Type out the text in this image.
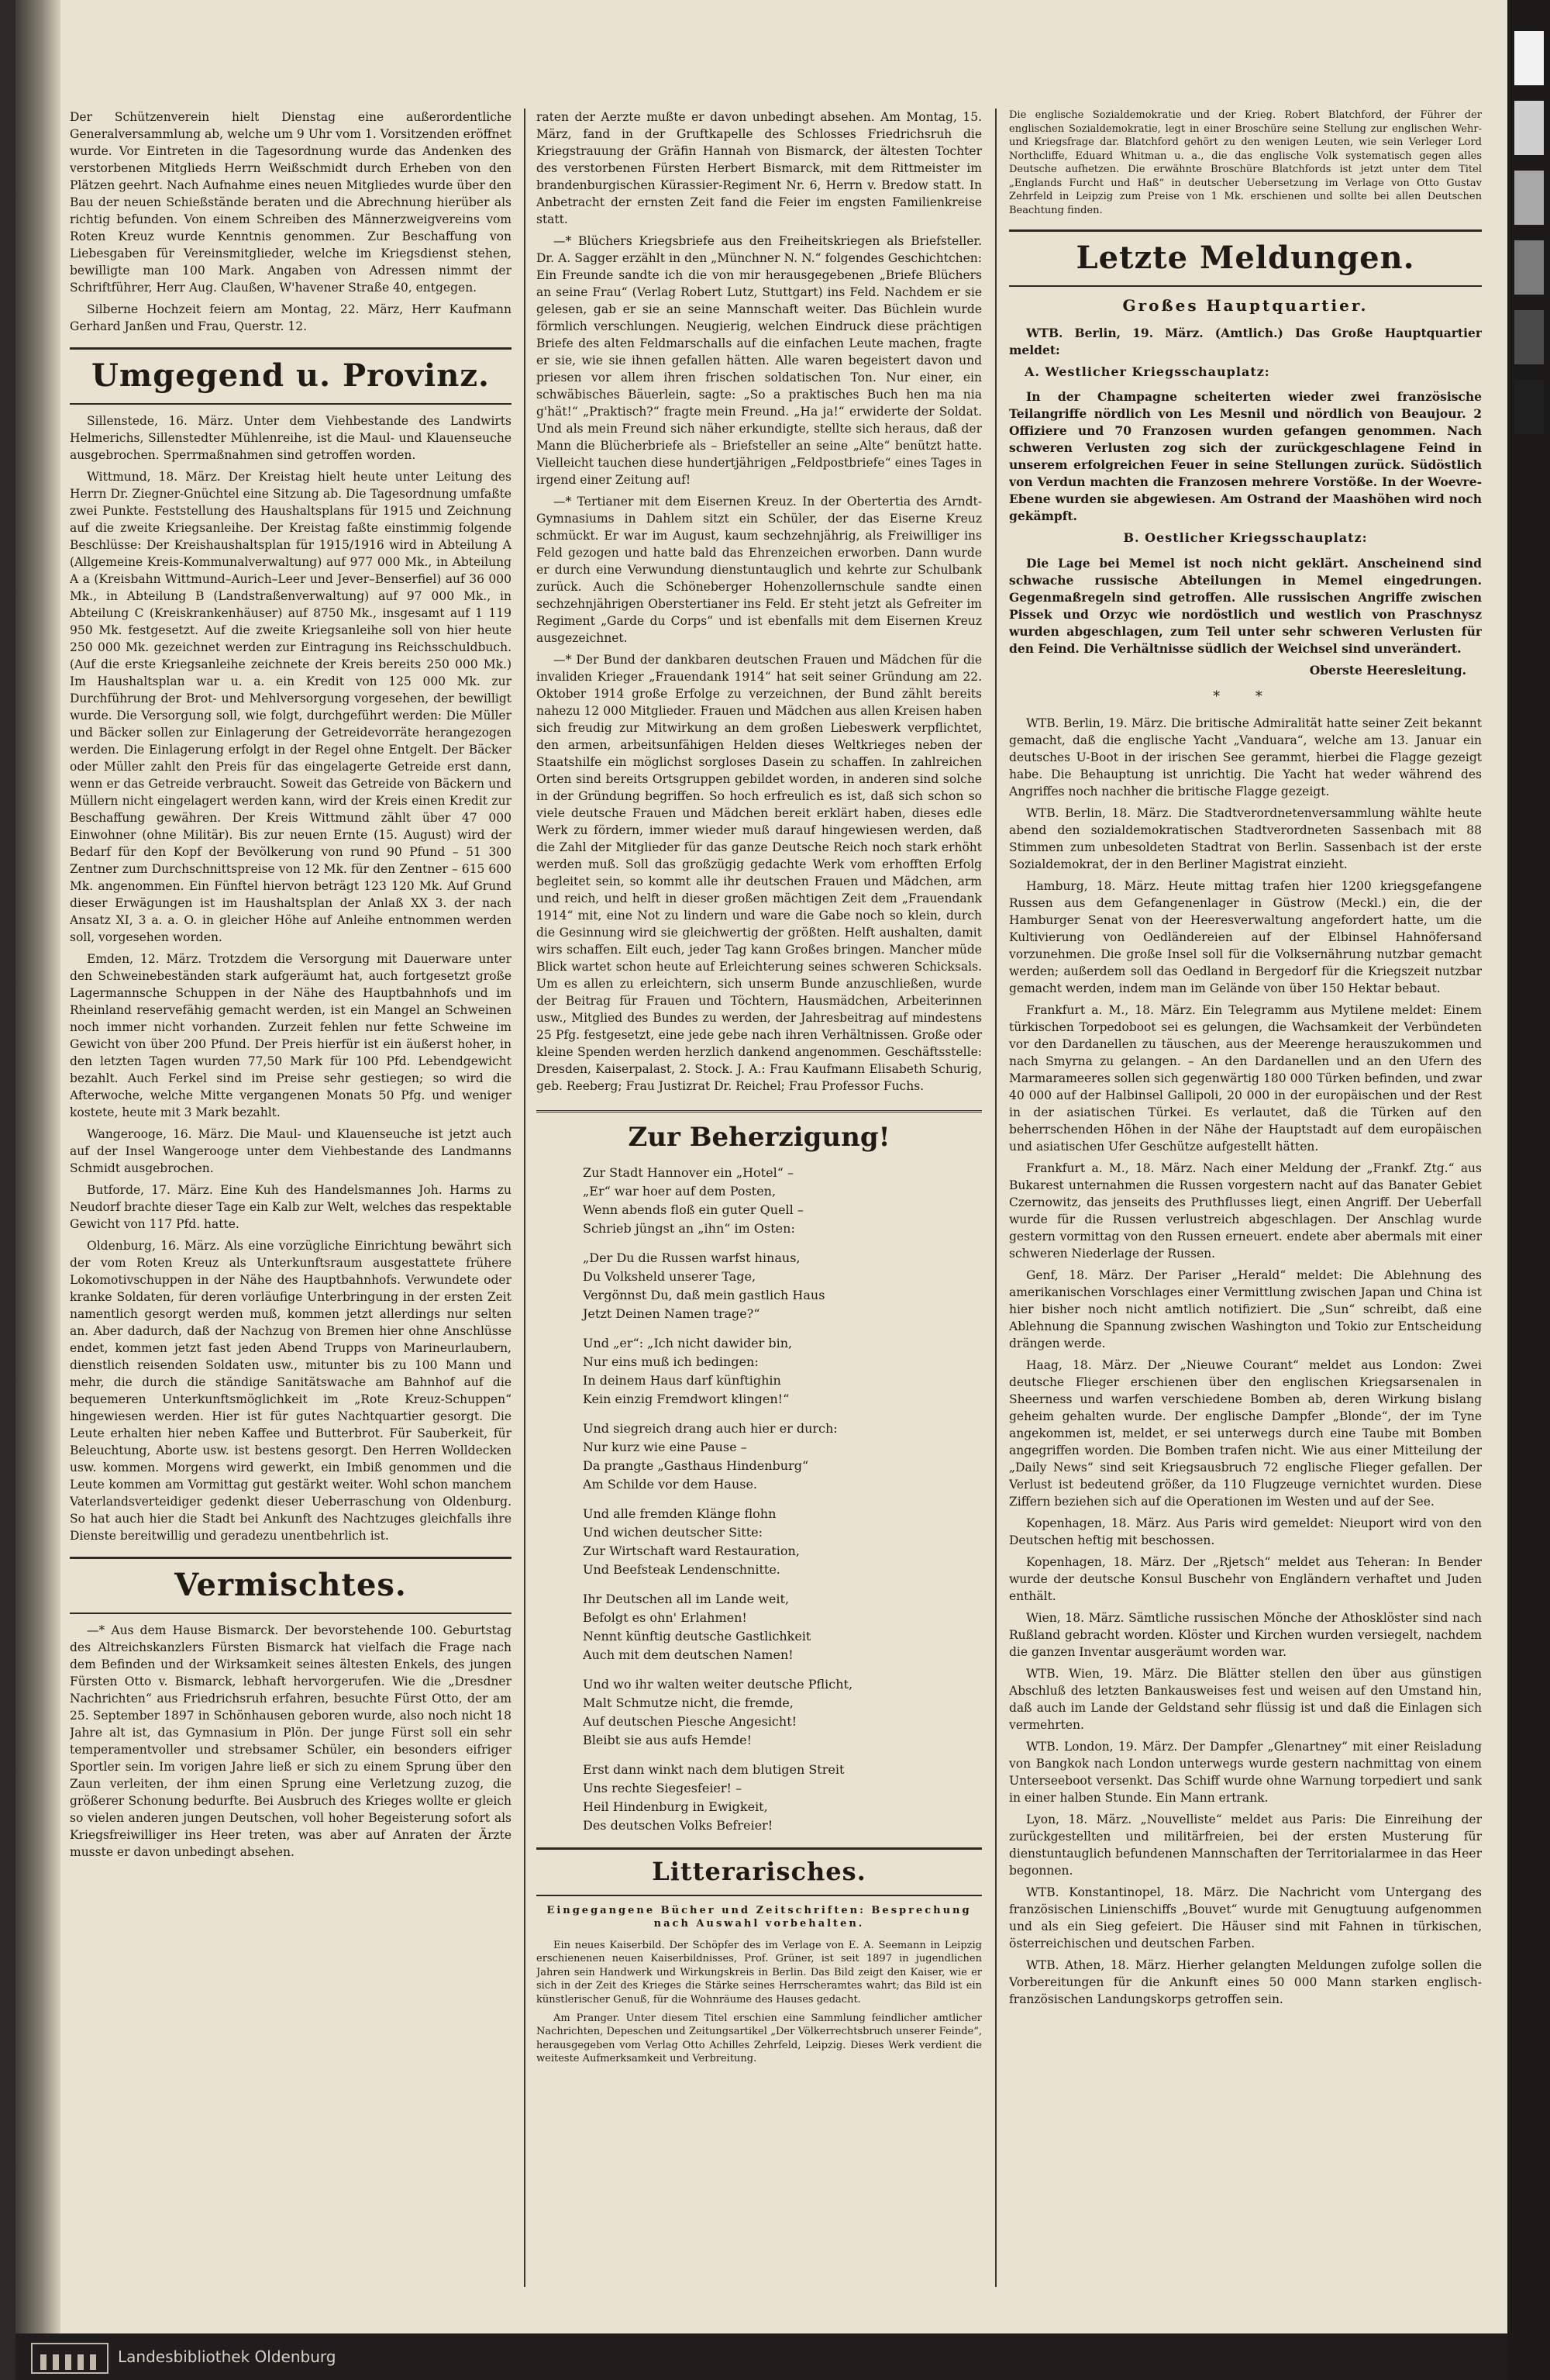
Der Schützenverein hielt Dienstag eine außerordentliche Generalversammlung ab, welche um 9 Uhr vom 1. Vorsitzenden eröffnet wurde. Vor Eintreten in die Tagesordnung wurde das Andenken des verstorbenen Mitglieds Herrn Weißschmidt durch Erheben von den Plätzen geehrt. Nach Aufnahme eines neuen Mitgliedes wurde über den Bau der neuen Schießstände beraten und die Abrechnung hierüber als richtig befunden. Von einem Schreiben des Männerzweigvereins vom Roten Kreuz wurde Kenntnis genommen. Zur Beschaffung von Liebesgaben für Vereinsmitglieder, welche im Kriegsdienst stehen, bewilligte man 100 Mark. Angaben von Adressen nimmt der Schriftführer, Herr Aug. Claußen, W'havener Straße 40, entgegen.

Silberne Hochzeit feiern am Montag, 22. März, Herr Kaufmann Gerhard Janßen und Frau, Querstr. 12.

Umgegend u. Provinz.

Sillenstede, 16. März. Unter dem Viehbestande des Landwirts Helmerichs, Sillenstedter Mühlenreihe, ist die Maul- und Klauenseuche ausgebrochen. Sperrmaßnahmen sind getroffen worden.

Wittmund, 18. März. Der Kreistag hielt heute unter Leitung des Herrn Dr. Ziegner-Gnüchtel eine Sitzung ab. Die Tagesordnung umfaßte zwei Punkte. Feststellung des Haushaltsplans für 1915 und Zeichnung auf die zweite Kriegsanleihe. Der Kreistag faßte einstimmig folgende Beschlüsse: Der Kreishaushaltsplan für 1915/1916 wird in Abteilung A (Allgemeine Kreis-Kommunalverwaltung) auf 977 000 Mk., in Abteilung A a (Kreisbahn Wittmund–Aurich–Leer und Jever–Benserfiel) auf 36 000 Mk., in Abteilung B (Landstraßenverwaltung) auf 97 000 Mk., in Abteilung C (Kreiskrankenhäuser) auf 8750 Mk., insgesamt auf 1 119 950 Mk. festgesetzt. Auf die zweite Kriegsanleihe soll von hier heute 250 000 Mk. gezeichnet werden zur Eintragung ins Reichsschuldbuch. (Auf die erste Kriegsanleihe zeichnete der Kreis bereits 250 000 Mk.) Im Haushaltsplan war u. a. ein Kredit von 125 000 Mk. zur Durchführung der Brot- und Mehlversorgung vorgesehen, der bewilligt wurde. Die Versorgung soll, wie folgt, durchgeführt werden: Die Müller und Bäcker sollen zur Einlagerung der Getreidevorräte herangezogen werden. Die Einlagerung erfolgt in der Regel ohne Entgelt. Der Bäcker oder Müller zahlt den Preis für das eingelagerte Getreide erst dann, wenn er das Getreide verbraucht. Soweit das Getreide von Bäckern und Müllern nicht eingelagert werden kann, wird der Kreis einen Kredit zur Beschaffung gewähren. Der Kreis Wittmund zählt über 47 000 Einwohner (ohne Militär). Bis zur neuen Ernte (15. August) wird der Bedarf für den Kopf der Bevölkerung von rund 90 Pfund – 51 300 Zentner zum Durchschnittspreise von 12 Mk. für den Zentner – 615 600 Mk. angenommen. Ein Fünftel hiervon beträgt 123 120 Mk. Auf Grund dieser Erwägungen ist im Haushaltsplan der Anlaß XX 3. der nach Ansatz XI, 3 a. a. O. in gleicher Höhe auf Anleihe entnommen werden soll, vorgesehen worden.

Emden, 12. März. Trotzdem die Versorgung mit Dauerware unter den Schweinebeständen stark aufgeräumt hat, auch fortgesetzt große Lagermannsche Schuppen in der Nähe des Hauptbahnhofs und im Rheinland reservefähig gemacht werden, ist ein Mangel an Schweinen noch immer nicht vorhanden. Zurzeit fehlen nur fette Schweine im Gewicht von über 200 Pfund. Der Preis hierfür ist ein äußerst hoher, in den letzten Tagen wurden 77,50 Mark für 100 Pfd. Lebendgewicht bezahlt. Auch Ferkel sind im Preise sehr gestiegen; so wird die Afterwoche, welche Mitte vergangenen Monats 50 Pfg. und weniger kostete, heute mit 3 Mark bezahlt.

Wangerooge, 16. März. Die Maul- und Klauenseuche ist jetzt auch auf der Insel Wangerooge unter dem Viehbestande des Landmanns Schmidt ausgebrochen.

Butforde, 17. März. Eine Kuh des Handelsmannes Joh. Harms zu Neudorf brachte dieser Tage ein Kalb zur Welt, welches das respektable Gewicht von 117 Pfd. hatte.

Oldenburg, 16. März. Als eine vorzügliche Einrichtung bewährt sich der vom Roten Kreuz als Unterkunftsraum ausgestattete frühere Lokomotivschuppen in der Nähe des Hauptbahnhofs. Verwundete oder kranke Soldaten, für deren vorläufige Unterbringung in der ersten Zeit namentlich gesorgt werden muß, kommen jetzt allerdings nur selten an. Aber dadurch, daß der Nachzug von Bremen hier ohne Anschlüsse endet, kommen jetzt fast jeden Abend Trupps von Marineurlaubern, dienstlich reisenden Soldaten usw., mitunter bis zu 100 Mann und mehr, die durch die ständige Sanitätswache am Bahnhof auf die bequemeren Unterkunftsmöglichkeit im „Rote Kreuz-Schuppen“ hingewiesen werden. Hier ist für gutes Nachtquartier gesorgt. Die Leute erhalten hier neben Kaffee und Butterbrot. Für Sauberkeit, für Beleuchtung, Aborte usw. ist bestens gesorgt. Den Herren Wolldecken usw. kommen. Morgens wird gewerkt, ein Imbiß genommen und die Leute kommen am Vormittag gut gestärkt weiter. Wohl schon manchem Vaterlandsverteidiger gedenkt dieser Ueberraschung von Oldenburg. So hat auch hier die Stadt bei Ankunft des Nachtzuges gleichfalls ihre Dienste bereitwillig und geradezu unentbehrlich ist.

Vermischtes.

—* Aus dem Hause Bismarck. Der bevorstehende 100. Geburtstag des Altreichskanzlers Fürsten Bismarck hat vielfach die Frage nach dem Befinden und der Wirksamkeit seines ältesten Enkels, des jungen Fürsten Otto v. Bismarck, lebhaft hervorgerufen. Wie die „Dresdner Nachrichten“ aus Friedrichsruh erfahren, besuchte Fürst Otto, der am 25. September 1897 in Schönhausen geboren wurde, also noch nicht 18 Jahre alt ist, das Gymnasium in Plön. Der junge Fürst soll ein sehr temperamentvoller und strebsamer Schüler, ein besonders eifriger Sportler sein. Im vorigen Jahre ließ er sich zu einem Sprung über den Zaun verleiten, der ihm einen Sprung eine Verletzung zuzog, die größerer Schonung bedurfte. Bei Ausbruch des Krieges wollte er gleich so vielen anderen jungen Deutschen, voll hoher Begeisterung sofort als Kriegsfreiwilliger ins Heer treten, was aber auf Anraten der Ärzte musste er davon unbedingt absehen.

raten der Aerzte mußte er davon unbedingt absehen. Am Montag, 15. März, fand in der Gruftkapelle des Schlosses Friedrichsruh die Kriegstrauung der Gräfin Hannah von Bismarck, der ältesten Tochter des verstorbenen Fürsten Herbert Bismarck, mit dem Rittmeister im brandenburgischen Kürassier-Regiment Nr. 6, Herrn v. Bredow statt. In Anbetracht der ernsten Zeit fand die Feier im engsten Familienkreise statt.

—* Blüchers Kriegsbriefe aus den Freiheitskriegen als Briefsteller. Dr. A. Sagger erzählt in den „Münchner N. N.“ folgendes Geschichtchen: Ein Freunde sandte ich die von mir herausgegebenen „Briefe Blüchers an seine Frau“ (Verlag Robert Lutz, Stuttgart) ins Feld. Nachdem er sie gelesen, gab er sie an seine Mannschaft weiter. Das Büchlein wurde förmlich verschlungen. Neugierig, welchen Eindruck diese prächtigen Briefe des alten Feldmarschalls auf die einfachen Leute machen, fragte er sie, wie sie ihnen gefallen hätten. Alle waren begeistert davon und priesen vor allem ihren frischen soldatischen Ton. Nur einer, ein schwäbisches Bäuerlein, sagte: „So a praktisches Buch hen ma nia g'hät!“ „Praktisch?“ fragte mein Freund. „Ha ja!“ erwiderte der Soldat. Und als mein Freund sich näher erkundigte, stellte sich heraus, daß der Mann die Blücherbriefe als – Briefsteller an seine „Alte“ benützt hatte. Vielleicht tauchen diese hundertjährigen „Feldpostbriefe“ eines Tages in irgend einer Zeitung auf!

—* Tertianer mit dem Eisernen Kreuz. In der Obertertia des Arndt-Gymnasiums in Dahlem sitzt ein Schüler, der das Eiserne Kreuz schmückt. Er war im August, kaum sechzehnjährig, als Freiwilliger ins Feld gezogen und hatte bald das Ehrenzeichen erworben. Dann wurde er durch eine Verwundung dienstuntauglich und kehrte zur Schulbank zurück. Auch die Schöneberger Hohenzollernschule sandte einen sechzehnjährigen Oberstertianer ins Feld. Er steht jetzt als Gefreiter im Regiment „Garde du Corps“ und ist ebenfalls mit dem Eisernen Kreuz ausgezeichnet.

—* Der Bund der dankbaren deutschen Frauen und Mädchen für die invaliden Krieger „Frauendank 1914“ hat seit seiner Gründung am 22. Oktober 1914 große Erfolge zu verzeichnen, der Bund zählt bereits nahezu 12 000 Mitglieder. Frauen und Mädchen aus allen Kreisen haben sich freudig zur Mitwirkung an dem großen Liebeswerk verpflichtet, den armen, arbeitsunfähigen Helden dieses Weltkrieges neben der Staatshilfe ein möglichst sorgloses Dasein zu schaffen. In zahlreichen Orten sind bereits Ortsgruppen gebildet worden, in anderen sind solche in der Gründung begriffen. So hoch erfreulich es ist, daß sich schon so viele deutsche Frauen und Mädchen bereit erklärt haben, dieses edle Werk zu fördern, immer wieder muß darauf hingewiesen werden, daß die Zahl der Mitglieder für das ganze Deutsche Reich noch stark erhöht werden muß. Soll das großzügig gedachte Werk vom erhofften Erfolg begleitet sein, so kommt alle ihr deutschen Frauen und Mädchen, arm und reich, und helft in dieser großen mächtigen Zeit dem „Frauendank 1914“ mit, eine Not zu lindern und ware die Gabe noch so klein, durch die Gesinnung wird sie gleichwertig der größten. Helft aushalten, damit wirs schaffen. Eilt euch, jeder Tag kann Großes bringen. Mancher müde Blick wartet schon heute auf Erleichterung seines schweren Schicksals. Um es allen zu erleichtern, sich unserm Bunde anzuschließen, wurde der Beitrag für Frauen und Töchtern, Hausmädchen, Arbeiterinnen usw., Mitglied des Bundes zu werden, der Jahresbeitrag auf mindestens 25 Pfg. festgesetzt, eine jede gebe nach ihren Verhältnissen. Große oder kleine Spenden werden herzlich dankend angenommen. Geschäftsstelle: Dresden, Kaiserpalast, 2. Stock. J. A.: Frau Kaufmann Elisabeth Schurig, geb. Reeberg; Frau Justizrat Dr. Reichel; Frau Professor Fuchs.

Zur Beherzigung!
Zur Stadt Hannover ein „Hotel“ –
„Er“ war hoer auf dem Posten,
Wenn abends floß ein guter Quell –
Schrieb jüngst an „ihn“ im Osten:
„Der Du die Russen warfst hinaus,
Du Volksheld unserer Tage,
Vergönnst Du, daß mein gastlich Haus
Jetzt Deinen Namen trage?“
Und „er“: „Ich nicht dawider bin,
Nur eins muß ich bedingen:
In deinem Haus darf künftighin
Kein einzig Fremdwort klingen!“
Und siegreich drang auch hier er durch:
Nur kurz wie eine Pause –
Da prangte „Gasthaus Hindenburg“
Am Schilde vor dem Hause.
Und alle fremden Klänge flohn
Und wichen deutscher Sitte:
Zur Wirtschaft ward Restauration,
Und Beefsteak Lendenschnitte.
Ihr Deutschen all im Lande weit,
Befolgt es ohn' Erlahmen!
Nennt künftig deutsche Gastlichkeit
Auch mit dem deutschen Namen!
Und wo ihr walten weiter deutsche Pflicht,
Malt Schmutze nicht, die fremde,
Auf deutschen Piesche Angesicht!
Bleibt sie aus aufs Hemde!
Erst dann winkt nach dem blutigen Streit
Uns rechte Siegesfeier! –
Heil Hindenburg in Ewigkeit,
Des deutschen Volks Befreier!
Litterarisches.
Eingegangene Bücher und Zeitschriften: Besprechung nach Auswahl vorbehalten.

Ein neues Kaiserbild. Der Schöpfer des im Verlage von E. A. Seemann in Leipzig erschienenen neuen Kaiserbildnisses, Prof. Grüner, ist seit 1897 in jugendlichen Jahren sein Handwerk und Wirkungskreis in Berlin. Das Bild zeigt den Kaiser, wie er sich in der Zeit des Krieges die Stärke seines Herrscheramtes wahrt; das Bild ist ein künstlerischer Genuß, für die Wohnräume des Hauses gedacht.

Am Pranger. Unter diesem Titel erschien eine Sammlung feindlicher amtlicher Nachrichten, Depeschen und Zeitungsartikel „Der Völkerrechtsbruch unserer Feinde“, herausgegeben vom Verlag Otto Achilles Zehrfeld, Leipzig. Dieses Werk verdient die weiteste Aufmerksamkeit und Verbreitung.

Die englische Sozialdemokratie und der Krieg. Robert Blatchford, der Führer der englischen Sozialdemokratie, legt in einer Broschüre seine Stellung zur englischen Wehr- und Kriegsfrage dar. Blatchford gehört zu den wenigen Leuten, wie sein Verleger Lord Northcliffe, Eduard Whitman u. a., die das englische Volk systematisch gegen alles Deutsche aufhetzen. Die erwähnte Broschüre Blatchfords ist jetzt unter dem Titel „Englands Furcht und Haß“ in deutscher Uebersetzung im Verlage von Otto Gustav Zehrfeld in Leipzig zum Preise von 1 Mk. erschienen und sollte bei allen Deutschen Beachtung finden.

Letzte Meldungen.
Großes Hauptquartier.

WTB. Berlin, 19. März. (Amtlich.) Das Große Hauptquartier meldet:

A. Westlicher Kriegsschauplatz:

In der Champagne scheiterten wieder zwei französische Teilangriffe nördlich von Les Mesnil und nördlich von Beaujour. 2 Offiziere und 70 Franzosen wurden gefangen genommen. Nach schweren Verlusten zog sich der zurückgeschlagene Feind in unserem erfolgreichen Feuer in seine Stellungen zurück. Südöstlich von Verdun machten die Franzosen mehrere Vorstöße. In der Woevre-Ebene wurden sie abgewiesen. Am Ostrand der Maashöhen wird noch gekämpft.

B. Oestlicher Kriegsschauplatz:

Die Lage bei Memel ist noch nicht geklärt. Anscheinend sind schwache russische Abteilungen in Memel eingedrungen. Gegenmaßregeln sind getroffen. Alle russischen Angriffe zwischen Pissek und Orzyc wie nordöstlich und westlich von Praschnysz wurden abgeschlagen, zum Teil unter sehr schweren Verlusten für den Feind. Die Verhältnisse südlich der Weichsel sind unverändert.

Oberste Heeresleitung.
* *

WTB. Berlin, 19. März. Die britische Admiralität hatte seiner Zeit bekannt gemacht, daß die englische Yacht „Vanduara“, welche am 13. Januar ein deutsches U-Boot in der irischen See gerammt, hierbei die Flagge gezeigt habe. Die Behauptung ist unrichtig. Die Yacht hat weder während des Angriffes noch nachher die britische Flagge gezeigt.

WTB. Berlin, 18. März. Die Stadtverordnetenversammlung wählte heute abend den sozialdemokratischen Stadtverordneten Sassenbach mit 88 Stimmen zum unbesoldeten Stadtrat von Berlin. Sassenbach ist der erste Sozialdemokrat, der in den Berliner Magistrat einzieht.

Hamburg, 18. März. Heute mittag trafen hier 1200 kriegsgefangene Russen aus dem Gefangenenlager in Güstrow (Meckl.) ein, die der Hamburger Senat von der Heeresverwaltung angefordert hatte, um die Kultivierung von Oedländereien auf der Elbinsel Hahnöfersand vorzunehmen. Die große Insel soll für die Volksernährung nutzbar gemacht werden; außerdem soll das Oedland in Bergedorf für die Kriegszeit nutzbar gemacht werden, indem man im Gelände von über 150 Hektar bebaut.

Frankfurt a. M., 18. März. Ein Telegramm aus Mytilene meldet: Einem türkischen Torpedoboot sei es gelungen, die Wachsamkeit der Verbündeten vor den Dardanellen zu täuschen, aus der Meerenge herauszukommen und nach Smyrna zu gelangen. – An den Dardanellen und an den Ufern des Marmarameeres sollen sich gegenwärtig 180 000 Türken befinden, und zwar 40 000 auf der Halbinsel Gallipoli, 20 000 in der europäischen und der Rest in der asiatischen Türkei. Es verlautet, daß die Türken auf den beherrschenden Höhen in der Nähe der Hauptstadt auf dem europäischen und asiatischen Ufer Geschütze aufgestellt hätten.

Frankfurt a. M., 18. März. Nach einer Meldung der „Frankf. Ztg.“ aus Bukarest unternahmen die Russen vorgestern nacht auf das Banater Gebiet Czernowitz, das jenseits des Pruthflusses liegt, einen Angriff. Der Ueberfall wurde für die Russen verlustreich abgeschlagen. Der Anschlag wurde gestern vormittag von den Russen erneuert. endete aber abermals mit einer schweren Niederlage der Russen.

Genf, 18. März. Der Pariser „Herald“ meldet: Die Ablehnung des amerikanischen Vorschlages einer Vermittlung zwischen Japan und China ist hier bisher noch nicht amtlich notifiziert. Die „Sun“ schreibt, daß eine Ablehnung die Spannung zwischen Washington und Tokio zur Entscheidung drängen werde.

Haag, 18. März. Der „Nieuwe Courant“ meldet aus London: Zwei deutsche Flieger erschienen über den englischen Kriegsarsenalen in Sheerness und warfen verschiedene Bomben ab, deren Wirkung bislang geheim gehalten wurde. Der englische Dampfer „Blonde“, der im Tyne angekommen ist, meldet, er sei unterwegs durch eine Taube mit Bomben angegriffen worden. Die Bomben trafen nicht. Wie aus einer Mitteilung der „Daily News“ sind seit Kriegsausbruch 72 englische Flieger gefallen. Der Verlust ist bedeutend größer, da 110 Flugzeuge vernichtet wurden. Diese Ziffern beziehen sich auf die Operationen im Westen und auf der See.

Kopenhagen, 18. März. Aus Paris wird gemeldet: Nieuport wird von den Deutschen heftig mit beschossen.

Kopenhagen, 18. März. Der „Rjetsch“ meldet aus Teheran: In Bender wurde der deutsche Konsul Buschehr von Engländern verhaftet und Juden enthält.

Wien, 18. März. Sämtliche russischen Mönche der Athosklöster sind nach Rußland gebracht worden. Klöster und Kirchen wurden versiegelt, nachdem die ganzen Inventar ausgeräumt worden war.

WTB. Wien, 19. März. Die Blätter stellen den über aus günstigen Abschluß des letzten Bankausweises fest und weisen auf den Umstand hin, daß auch im Lande der Geldstand sehr flüssig ist und daß die Einlagen sich vermehrten.

WTB. London, 19. März. Der Dampfer „Glenartney“ mit einer Reisladung von Bangkok nach London unterwegs wurde gestern nachmittag von einem Unterseeboot versenkt. Das Schiff wurde ohne Warnung torpediert und sank in einer halben Stunde. Ein Mann ertrank.

Lyon, 18. März. „Nouvelliste“ meldet aus Paris: Die Einreihung der zurückgestellten und militärfreien, bei der ersten Musterung für dienstuntauglich befundenen Mannschaften der Territorialarmee in das Heer begonnen.

WTB. Konstantinopel, 18. März. Die Nachricht vom Untergang des französischen Linienschiffs „Bouvet“ wurde mit Genugtuung aufgenommen und als ein Sieg gefeiert. Die Häuser sind mit Fahnen in türkischen, österreichischen und deutschen Farben.

WTB. Athen, 18. März. Hierher gelangten Meldungen zufolge sollen die Vorbereitungen für die Ankunft eines 50 000 Mann starken englisch-französischen Landungskorps getroffen sein.

Landesbibliothek Oldenburg
